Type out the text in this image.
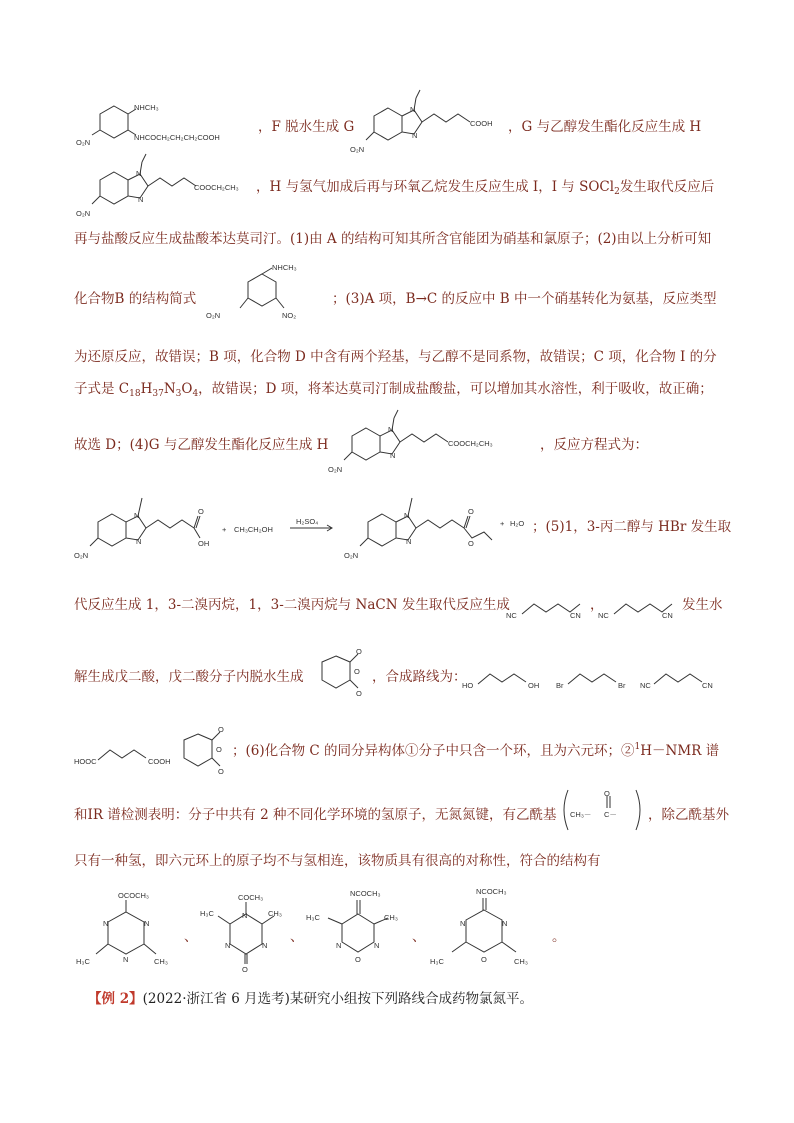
NHCH₃
NHCOCH₂CH₂CH₂COOH
O₂N
，F 脱水生成 G
N
N
COOH
O₂N
，G 与乙醇发生酯化反应生成 H
N
N
COOCH₂CH₃
O₂N
，H 与氢气加成后再与环氧乙烷发生反应生成 I，I 与 SOCl$_2$发生取代反应后
再与盐酸反应生成盐酸苯达莫司汀。(1)由 A 的结构可知其所含官能团为硝基和氯原子；(2)由以上分析可知
化合物B 的结构简式
NHCH₃
NO₂
O₂N
；(3)A 项，B→C 的反应中 B 中一个硝基转化为氨基，反应类型
为还原反应，故错误；B 项，化合物 D 中含有两个羟基，与乙醇不是同系物，故错误；C 项，化合物 I 的分
子式是 $C_{18}H_{37}N_3O_4$，故错误；D 项，将苯达莫司汀制成盐酸盐，可以增加其水溶性，利于吸收，故正确；
故选 D；(4)G 与乙醇发生酯化反应生成 H
N
N
COOCH₂CH₃
O₂N
，反应方程式为：
N
N
O
OH
O₂N
+ CH₃CH₂OH
H₂SO₄
N
N
O
O
O₂N
+ H₂O ；(5)1，3-丙二醇与 HBr 发生取
代反应生成 1，3-二溴丙烷，1，3-二溴丙烷与 NaCN 发生取代反应生成
NC	CN
，
NC	CN
发生水
解生成戊二酸，戊二酸分子内脱水生成
O
O
O
，合成路线为：
HO	OH Br	Br NC	CN
HOOC	COOH
O
O
O
；(6)化合物 C 的同分异构体①分子中只含一个环，且为六元环；②$^1$H－NMR 谱
和IR 谱检测表明：分子中共有 2 种不同化学环境的氢原子，无氮氮键，有乙酰基
O
CH₃－ C－ ，除乙酰基外
只有一种氢，即六元环上的原子均不与氢相连，该物质具有很高的对称性，符合的结构有
OCOCH₃
N	N
N
H₃C	CH₃
、
COCH₃
N
H₃C	CH₃
N	N
O
、
NCOCH₃
H₃C	CH₃
N	N
O
、
NCOCH₃
N	N
O
H₃C	CH₃
。
【例 2】(2022·浙江省 6 月选考)某研究小组按下列路线合成药物氯氮平。
